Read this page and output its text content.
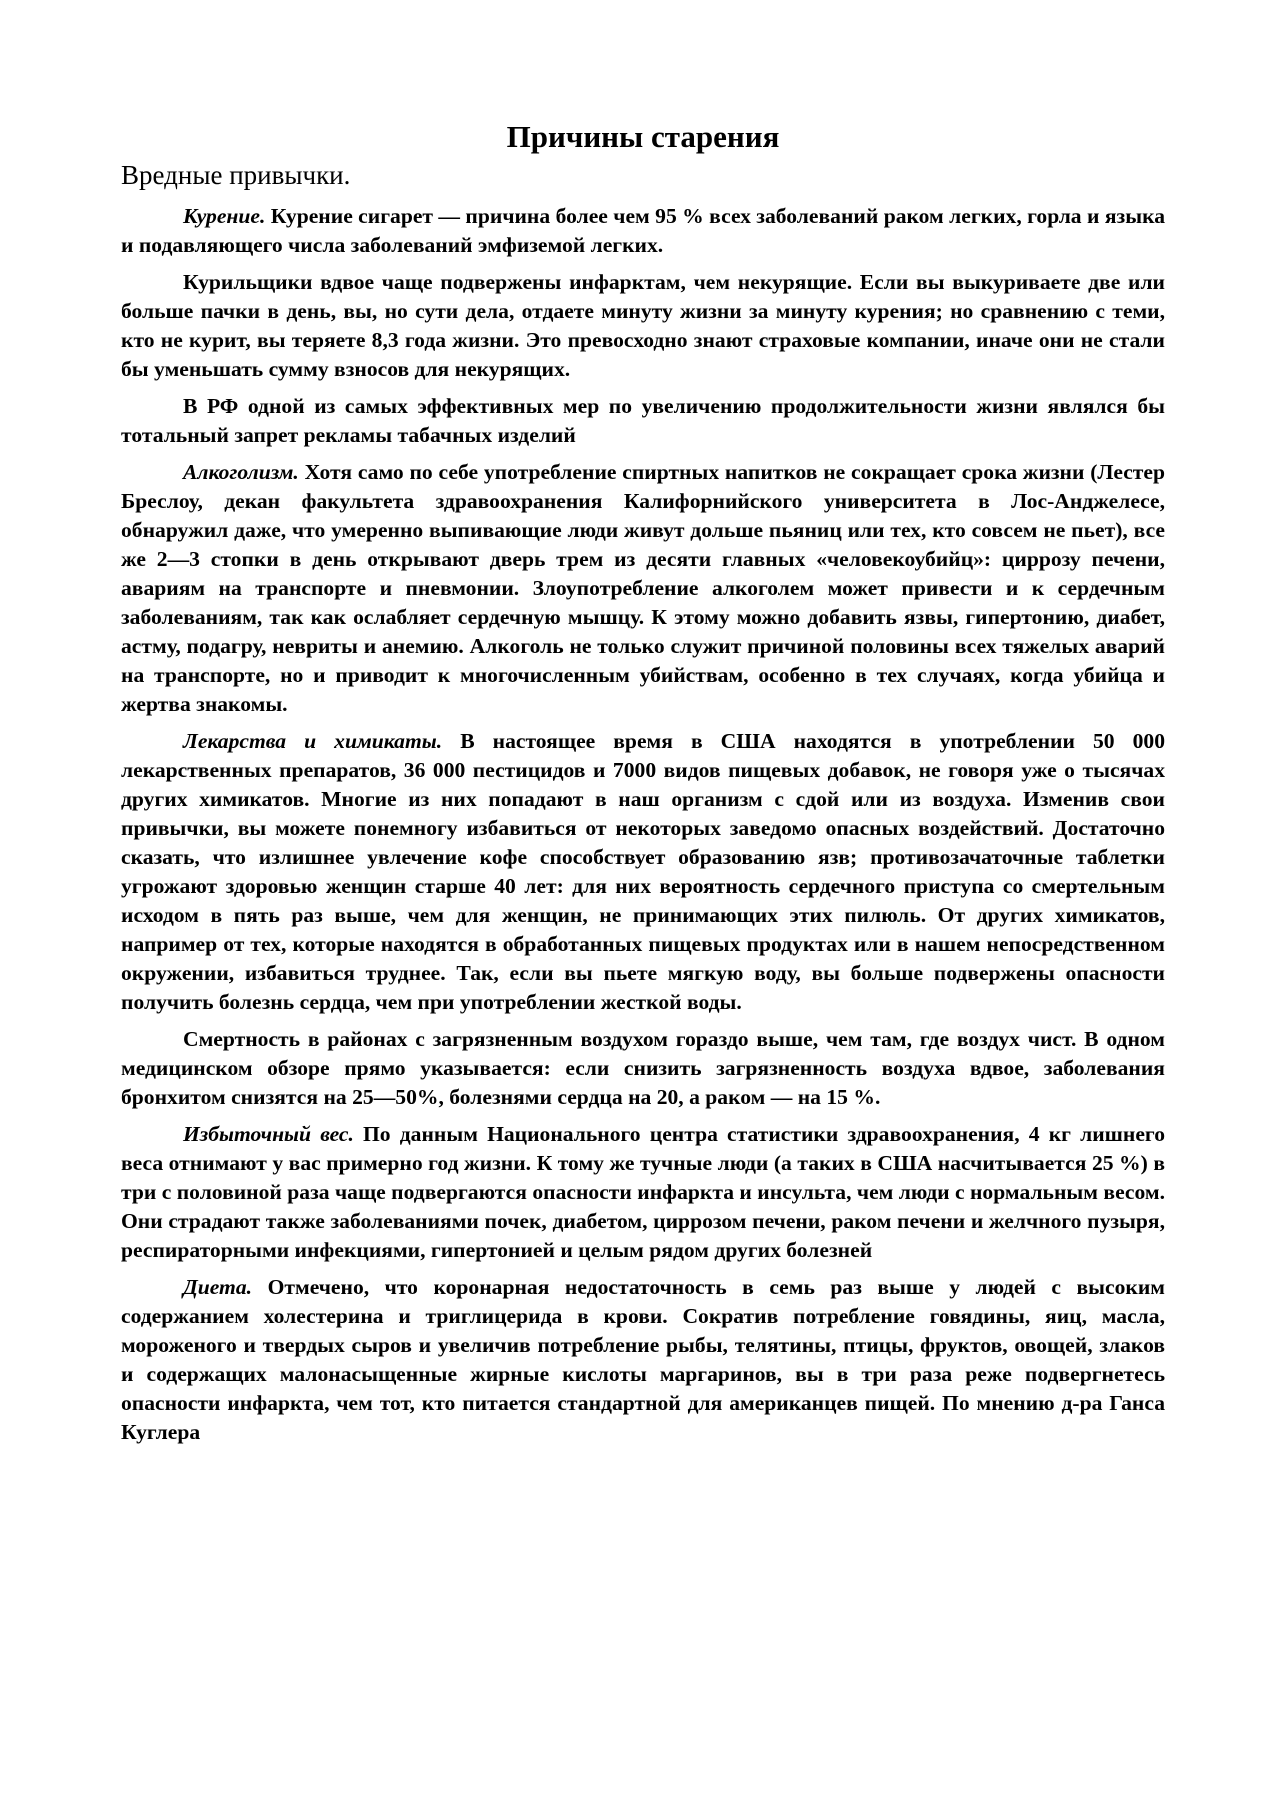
Причины старения
Вредные привычки.

Курение. Курение сигарет — причина более чем 95 % всех заболеваний раком легких, горла и языка и подавляющего числа заболеваний эмфиземой легких.

Курильщики вдвое чаще подвержены инфарктам, чем некурящие. Если вы выкуриваете две или больше пачки в день, вы, но сути дела, отдаете минуту жизни за минуту курения; но сравнению с теми, кто не курит, вы теряете 8,3 года жизни. Это превосходно знают страховые компании, иначе они не стали бы уменьшать сумму взносов для некурящих.

В РФ одной из самых эффективных мер по увеличению продолжительности жизни являлся бы тотальный запрет рекламы табачных изделий

Алкоголизм. Хотя само по себе употребление спиртных напитков не сокращает срока жизни (Лестер Бреслоу, декан факультета здравоохранения Калифорнийского университета в Лос-Анджелесе, обнаружил даже, что умеренно выпивающие люди живут дольше пьяниц или тех, кто совсем не пьет), все же 2—3 стопки в день открывают дверь трем из десяти главных «человекоубийц»: циррозу печени, авариям на транспорте и пневмонии. Злоупотребление алкоголем может привести и к сердечным заболеваниям, так как ослабляет сердечную мышцу. К этому можно добавить язвы, гипертонию, диабет, астму, подагру, невриты и анемию. Алкоголь не только служит причиной половины всех тяжелых аварий на транспорте, но и приводит к многочисленным убийствам, особенно в тех случаях, когда убийца и жертва знакомы.

Лекарства и химикаты. В настоящее время в США находятся в употреблении 50 000 лекарственных препаратов, 36 000 пестицидов и 7000 видов пищевых добавок, не говоря уже о тысячах других химикатов. Многие из них попадают в наш организм с сдой или из воздуха. Изменив свои привычки, вы можете понемногу избавиться от некоторых заведомо опасных воздействий. Достаточно сказать, что излишнее увлечение кофе способствует образованию язв; противозачаточные таблетки угрожают здоровью женщин старше 40 лет: для них вероятность сердечного приступа со смертельным исходом в пять раз выше, чем для женщин, не принимающих этих пилюль. От других химикатов, например от тех, которые находятся в обработанных пищевых продуктах или в нашем непосредственном окружении, избавиться труднее. Так, если вы пьете мягкую воду, вы больше подвержены опасности получить болезнь сердца, чем при употреблении жесткой воды.

Смертность в районах с загрязненным воздухом гораздо выше, чем там, где воздух чист. В одном медицинском обзоре прямо указывается: если снизить загрязненность воздуха вдвое, заболевания бронхитом снизятся на 25—50%, болезнями сердца на 20, а раком — на 15 %.

Избыточный вес. По данным Национального центра статистики здравоохранения, 4 кг лишнего веса отнимают у вас примерно год жизни. К тому же тучные люди (а таких в США насчитывается 25 %) в три с половиной раза чаще подвергаются опасности инфаркта и инсульта, чем люди с нормальным весом. Они страдают также заболеваниями почек, диабетом, циррозом печени, раком печени и желчного пузыря, респираторными инфекциями, гипертонией и целым рядом других болезней

Диета. Отмечено, что коронарная недостаточность в семь раз выше у людей с высоким содержанием холестерина и триглицерида в крови. Сократив потребление говядины, яиц, масла, мороженого и твердых сыров и увеличив потребление рыбы, телятины, птицы, фруктов, овощей, злаков и содержащих малонасыщенные жирные кислоты маргаринов, вы в три раза реже подвергнетесь опасности инфаркта, чем тот, кто питается стандартной для американцев пищей. По мнению д-ра Ганса Куглера
